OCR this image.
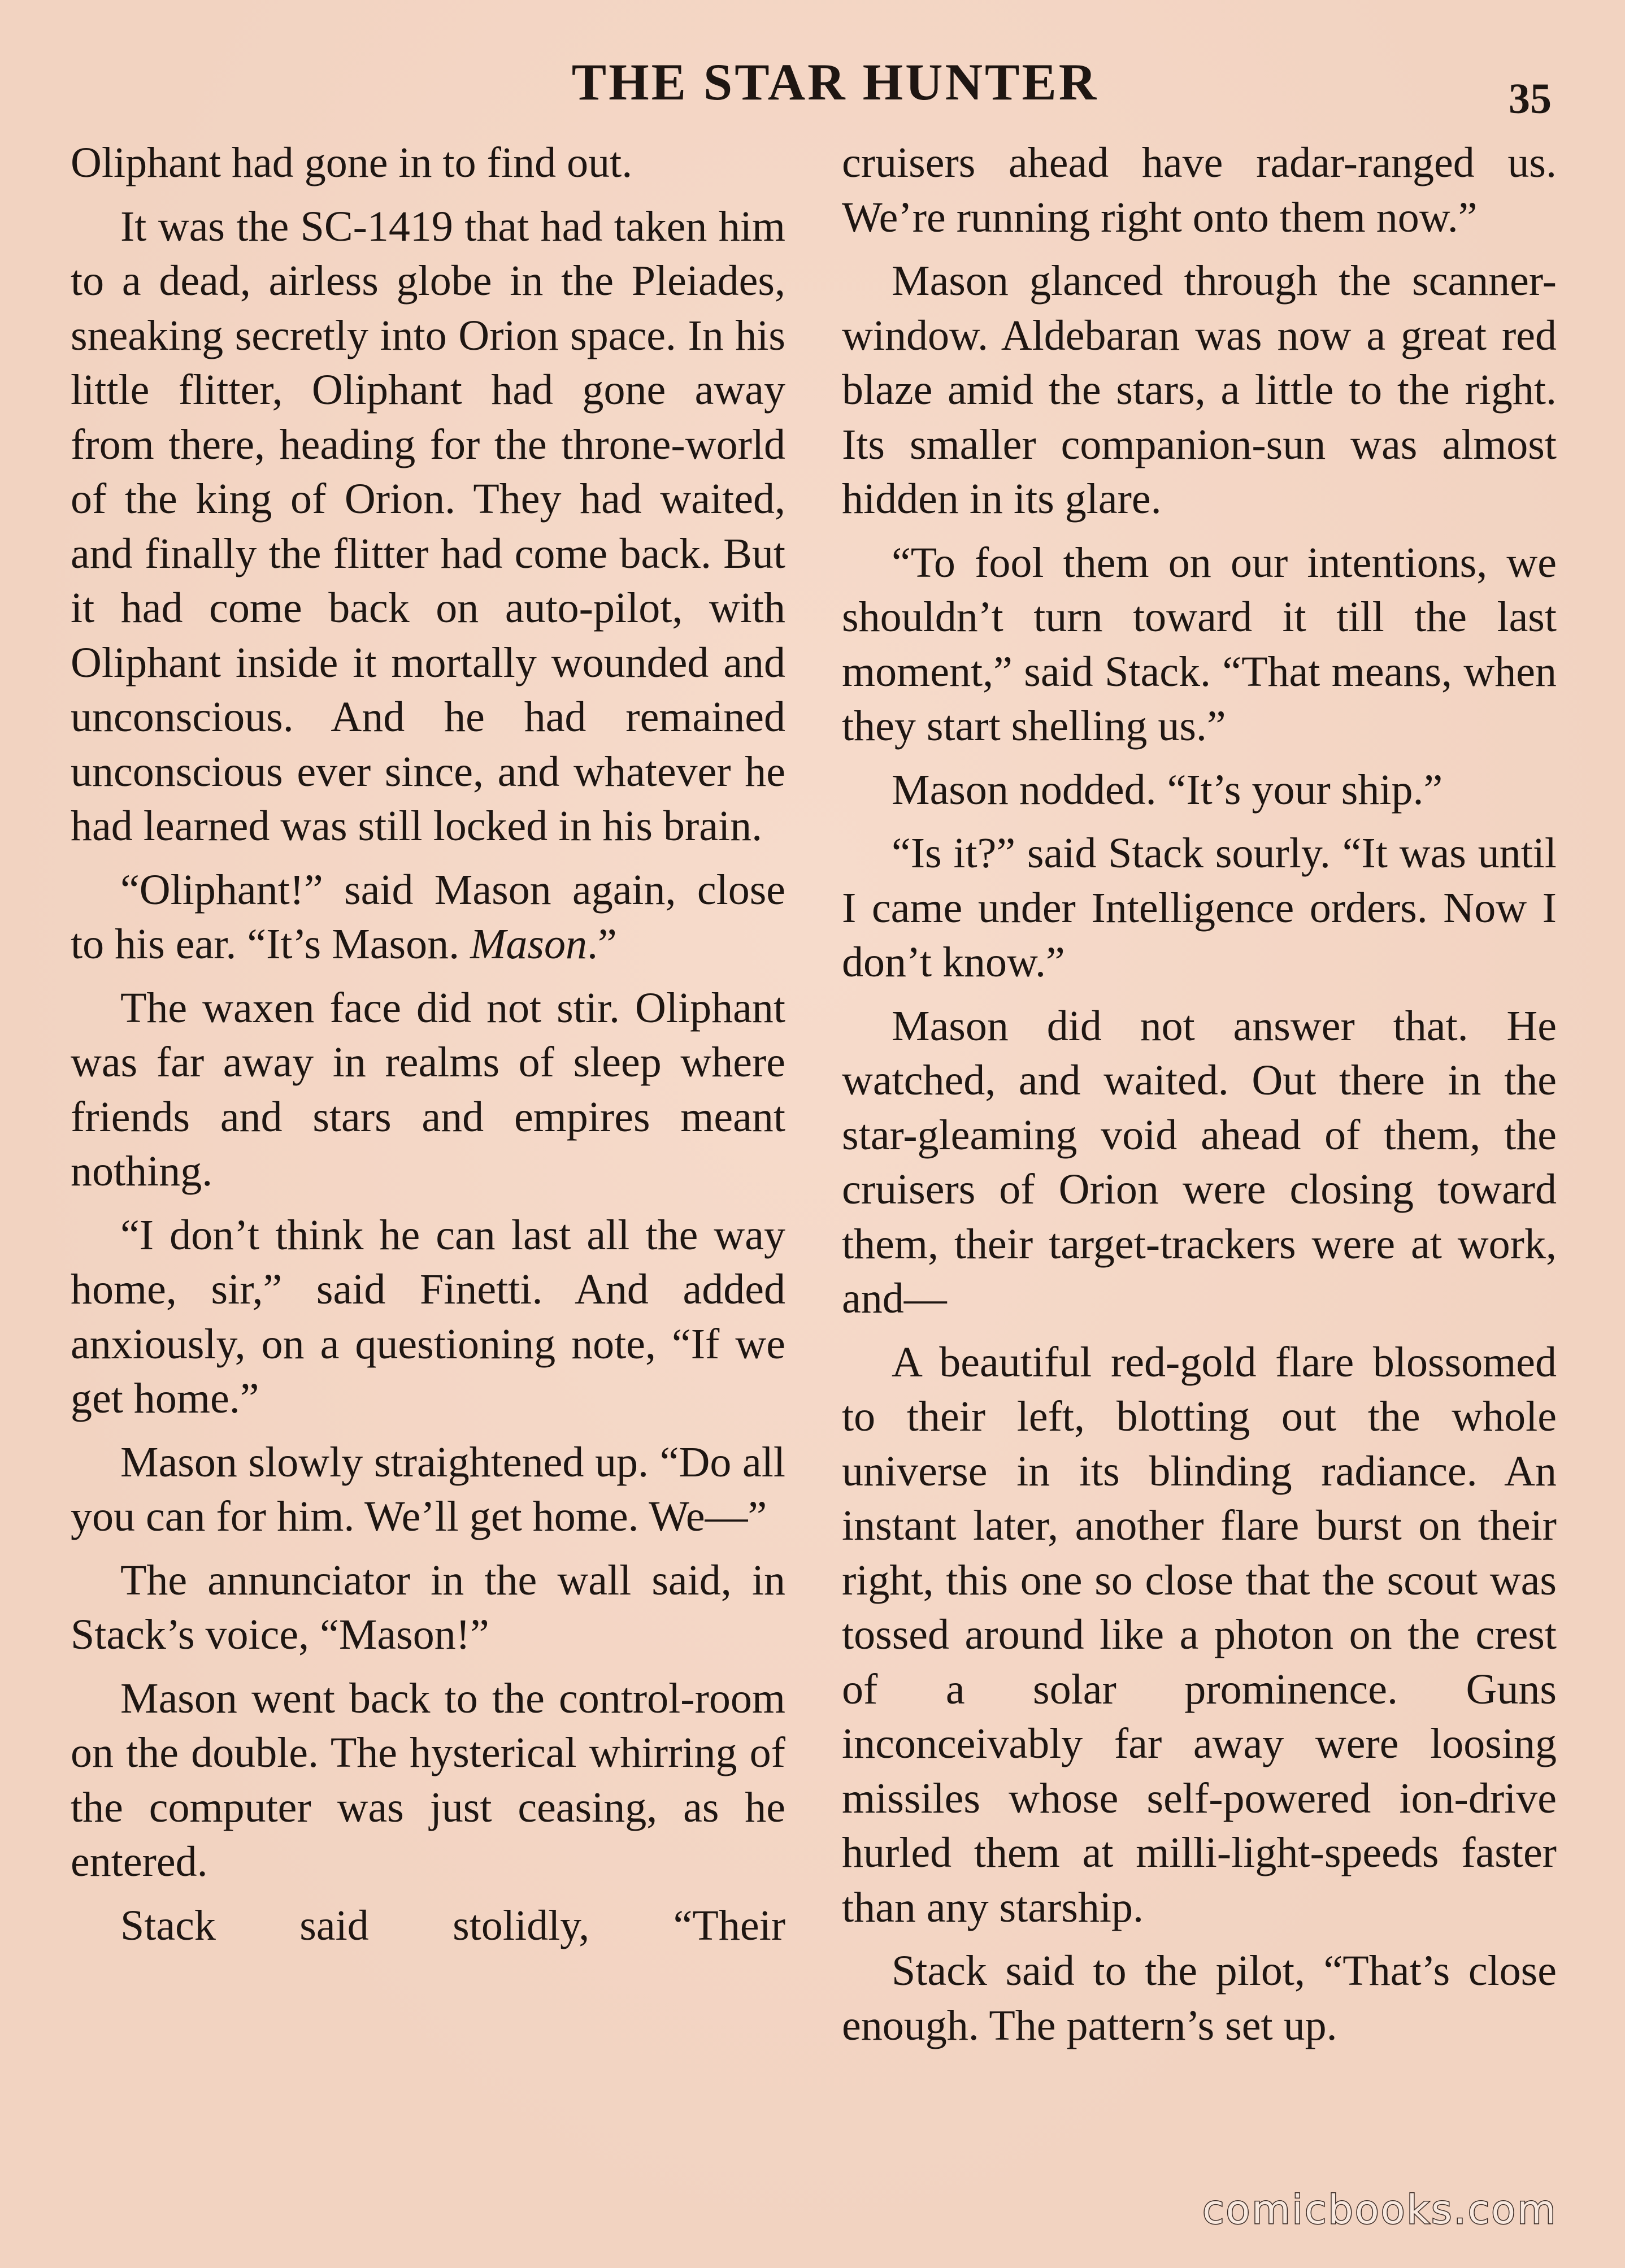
THE STAR HUNTER	35

Oliphant had gone in to find out.

It was the SC-1419 that had taken him to a dead, airless globe in the Pleiades, sneaking secretly into Orion space. In his little flitter, Oliphant had gone away from there, heading for the throne-world of the king of Orion. They had waited, and finally the flitter had come back. But it had come back on auto-pilot, with Oliphant inside it mortally wounded and unconscious. And he had remained unconscious ever since, and whatever he had learned was still locked in his brain.

“Oliphant!” said Mason again, close to his ear. “It’s Mason. Mason.”

The waxen face did not stir. Oliphant was far away in realms of sleep where friends and stars and empires meant nothing.

“I don’t think he can last all the way home, sir,” said Finetti. And added anxiously, on a questioning note, “If we get home.”

Mason slowly straightened up. “Do all you can for him. We’ll get home. We—”

The annunciator in the wall said, in Stack’s voice, “Mason!”

Mason went back to the control-room on the double. The hysterical whirring of the computer was just ceasing, as he entered.

Stack said stolidly, “Their

cruisers ahead have radar-ranged us. We’re running right onto them now.”

Mason glanced through the scanner-window. Aldebaran was now a great red blaze amid the stars, a little to the right. Its smaller companion-sun was almost hidden in its glare.

“To fool them on our intentions, we shouldn’t turn toward it till the last moment,” said Stack. “That means, when they start shelling us.”

Mason nodded. “It’s your ship.”

“Is it?” said Stack sourly. “It was until I came under Intelligence orders. Now I don’t know.”

Mason did not answer that. He watched, and waited. Out there in the star-gleaming void ahead of them, the cruisers of Orion were closing toward them, their target-trackers were at work, and—

A beautiful red-gold flare blossomed to their left, blotting out the whole universe in its blinding radiance. An instant later, another flare burst on their right, this one so close that the scout was tossed around like a photon on the crest of a solar prominence. Guns inconceivably far away were loosing missiles whose self-powered ion-drive hurled them at milli-light-speeds faster than any starship.

Stack said to the pilot, “That’s close enough. The pattern’s set up.

comicbooks.com
